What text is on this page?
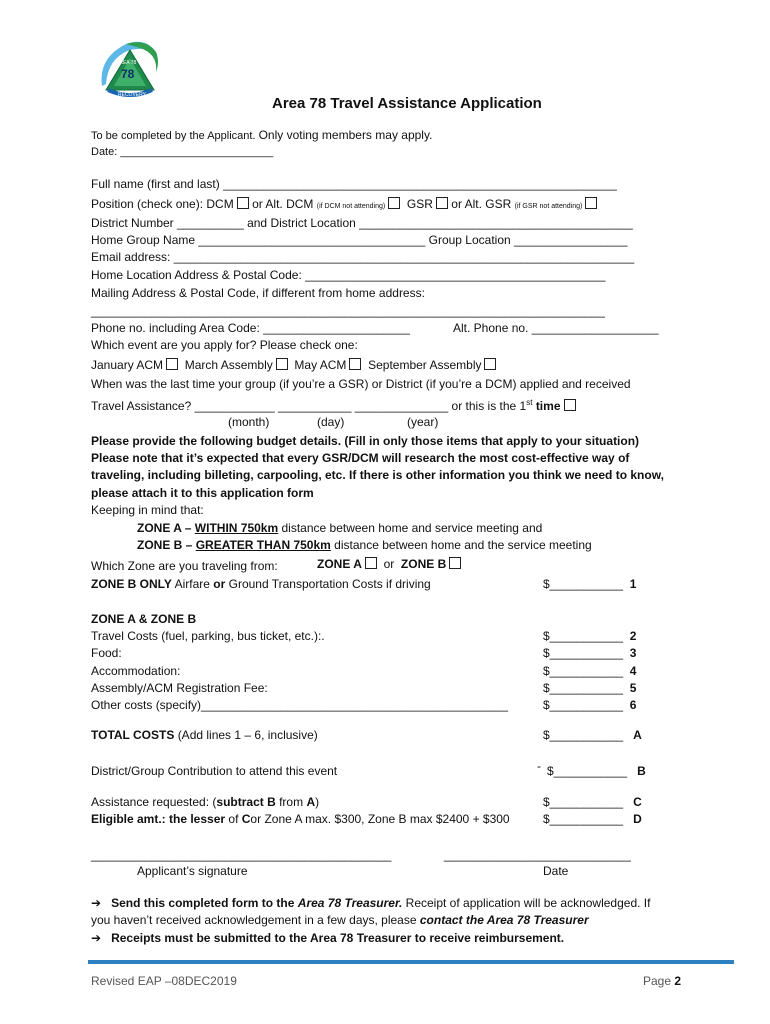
78
AREA 78
RECOVERY	Area 78 Travel Assistance Application
To be completed by the Applicant. Only voting members may apply.
Date: _________________________
Full name (first and last) ___________________________________________________________
Position (check one): DCM or Alt. DCM (if DCM not attending) GSR or Alt. GSR (if GSR not attending)
District Number __________ and District Location _________________________________________
Home Group Name __________________________________ Group Location _________________
Email address: _____________________________________________________________________
Home Location Address & Postal Code: _____________________________________________
Mailing Address & Postal Code, if different from home address:
_____________________________________________________________________________
Phone no. including Area Code: ______________________	Alt. Phone no. ___________________
Which event are you apply for? Please check one:
January ACM March Assembly May ACM September Assembly
When was the last time your group (if you’re a GSR) or District (if you’re a DCM) applied and received
Travel Assistance? ____________ ___________ ______________ or this is the 1st time
(month)	(day)	(year)
Please provide the following budget details. (Fill in only those items that apply to your situation)
Please note that it’s expected that every GSR/DCM will research the most cost-effective way of
traveling, including billeting, carpooling, etc. If there is other information you think we need to know,
please attach it to this application form
Keeping in mind that:
ZONE A – WITHIN 750km distance between home and service meeting and
ZONE B – GREATER THAN 750km distance between home and the service meeting
Which Zone are you traveling from:	ZONE A or ZONE B
ZONE B ONLY Airfare or Ground Transportation Costs if driving	$___________ 1
ZONE A & ZONE B
Travel Costs (fuel, parking, bus ticket, etc.):.	$___________ 2
Food:	$___________ 3
Accommodation:	$___________ 4
Assembly/ACM Registration Fee:	$___________ 5
Other costs (specify)______________________________________________	$___________ 6
TOTAL COSTS (Add lines 1 – 6, inclusive)	$___________ A
District/Group Contribution to attend this event	- $___________ B
Assistance requested: (subtract B from A)	$___________ C
Eligible amt.: the lesser of Cor Zone A max. $300, Zone B max $2400 + $300	$___________ D
_____________________________________________	____________________________
Applicant’s signature	Date
➔ Send this completed form to the Area 78 Treasurer. Receipt of application will be acknowledged. If
you haven’t received acknowledgement in a few days, please contact the Area 78 Treasurer
➔ Receipts must be submitted to the Area 78 Treasurer to receive reimbursement.
Revised EAP –08DEC2019	Page 2
